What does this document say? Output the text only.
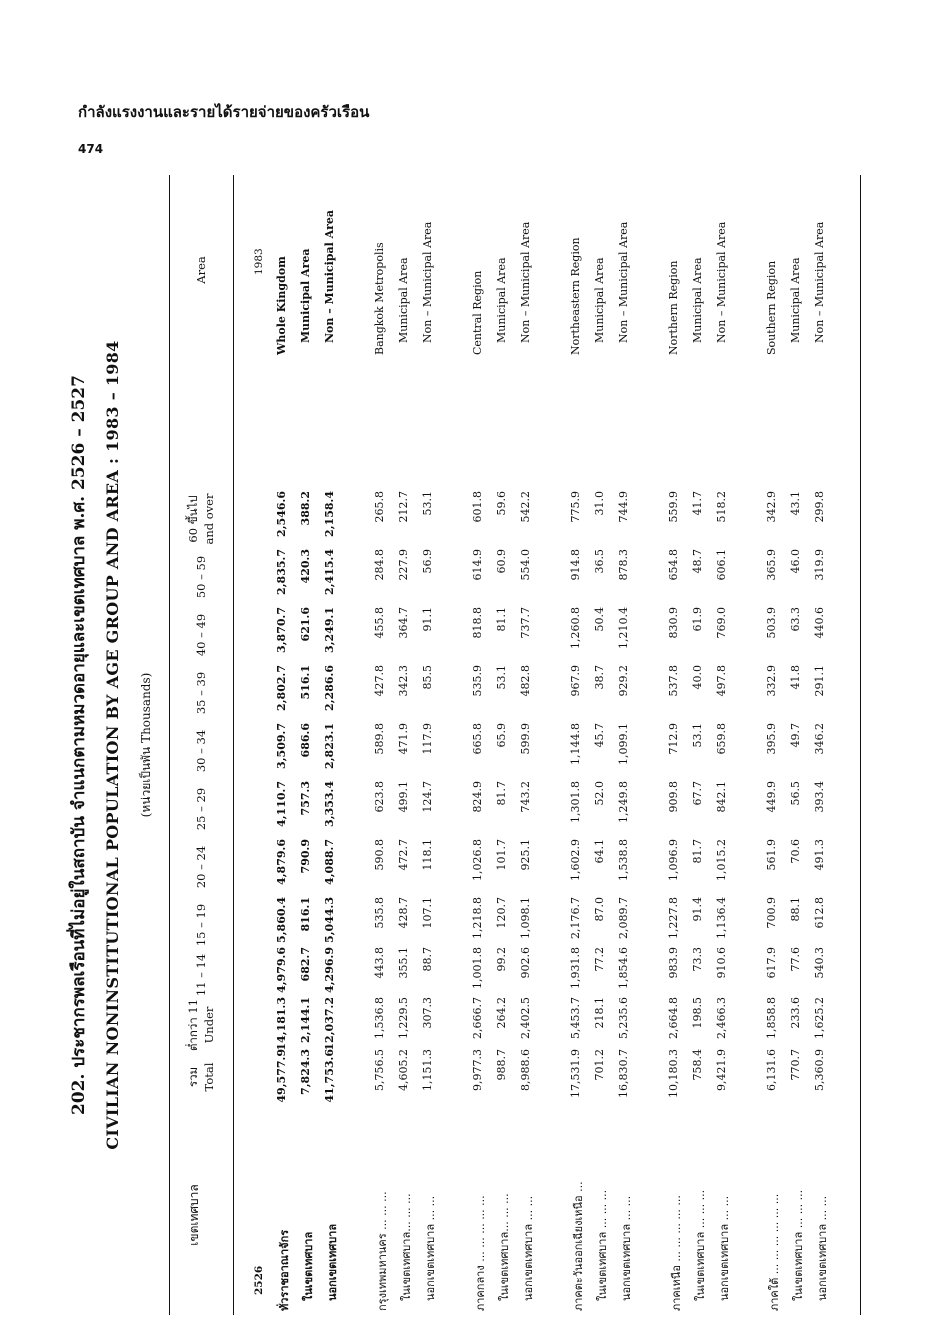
กำลังแรงงานและรายได้รายจ่ายของครัวเรือน
474
202. ประชากรพลเรือนที่ไม่อยู่ในสถาบัน จำแนกตามหมวดอายุและเขตเทศบาล พ.ศ. 2526 – 2527 CIVILIAN NONINSTITUTIONAL POPULATION BY AGE GROUP AND AREA : 1983 – 1984 (หน่วยเป็นพัน Thousands)
เขตเทศบาล
Area
รวม Total
ต่ำกว่า 11 Under
11 – 14
15 – 19
20 – 24
25 – 29
30 – 34
35 – 39
40 – 49
50 – 59
60 ขึ้นไป and over
2526
1983
ทั่วราชอาณาจักร
49,577.9
14,181.3
4,979.6
5,860.4
4,879.6
4,110.7
3,509.7
2,802.7
3,870.7
2,835.7
2,546.6
Whole Kingdom
ในเขตเทศบาล
7,824.3
2,144.1
682.7
816.1
790.9
757.3
686.6
516.1
621.6
420.3
388.2
Municipal Area
นอกเขตเทศบาล
41,753.6
12,037.2
4,296.9
5,044.3
4,088.7
3,353.4
2,823.1
2,286.6
3,249.1
2,415.4
2,158.4
Non – Municipal Area
กรุงเทพมหานคร ... ... ...
5,756.5
1,536.8
443.8
535.8
590.8
623.8
589.8
427.8
455.8
284.8
265.8
Bangkok Metropolis
ในเขตเทศบาล... ... ...
4,605.2
1,229.5
355.1
428.7
472.7
499.1
471.9
342.3
364.7
227.9
212.7
Municipal Area
นอกเขตเทศบาล ... ...
1,151.3
307.3
88.7
107.1
118.1
124.7
117.9
85.5
91.1
56.9
53.1
Non – Municipal Area
ภาคกลาง ... ... ... ... ...
9,977.3
2,666.7
1,001.8
1,218.8
1,026.8
824.9
665.8
535.9
818.8
614.9
601.8
Central Region
ในเขตเทศบาล... ... ...
988.7
264.2
99.2
120.7
101.7
81.7
65.9
53.1
81.1
60.9
59.6
Municipal Area
นอกเขตเทศบาล ... ...
8,988.6
2,402.5
902.6
1,098.1
925.1
743.2
599.9
482.8
737.7
554.0
542.2
Non – Municipal Area
ภาคตะวันออกเฉียงเหนือ ...
17,531.9
5,453.7
1,931.8
2,176.7
1,602.9
1,301.8
1,144.8
967.9
1,260.8
914.8
775.9
Northeastern Region
ในเขตเทศบาล ... ... ...
701.2
218.1
77.2
87.0
64.1
52.0
45.7
38.7
50.4
36.5
31.0
Municipal Area
นอกเขตเทศบาล ... ...
16,830.7
5,235.6
1,854.6
2,089.7
1,538.8
1,249.8
1,099.1
929.2
1,210.4
878.3
744.9
Non – Municipal Area
ภาคเหนือ ... ... ... ... ...
10,180.3
2,664.8
983.9
1,227.8
1,096.9
909.8
712.9
537.8
830.9
654.8
559.9
Northern Region
ในเขตเทศบาล ... ... ...
758.4
198.5
73.3
91.4
81.7
67.7
53.1
40.0
61.9
48.7
41.7
Municipal Area
นอกเขตเทศบาล ... ...
9,421.9
2,466.3
910.6
1,136.4
1,015.2
842.1
659.8
497.8
769.0
606.1
518.2
Non – Municipal Area
ภาคใต้ ... ... ... ... ... ...
6,131.6
1,858.8
617.9
700.9
561.9
449.9
395.9
332.9
503.9
365.9
342.9
Southern Region
ในเขตเทศบาล ... ... ...
770.7
233.6
77.6
88.1
70.6
56.5
49.7
41.8
63.3
46.0
43.1
Municipal Area
นอกเขตเทศบาล ... ...
5,360.9
1,625.2
540.3
612.8
491.3
393.4
346.2
291.1
440.6
319.9
299.8
Non – Municipal Area
